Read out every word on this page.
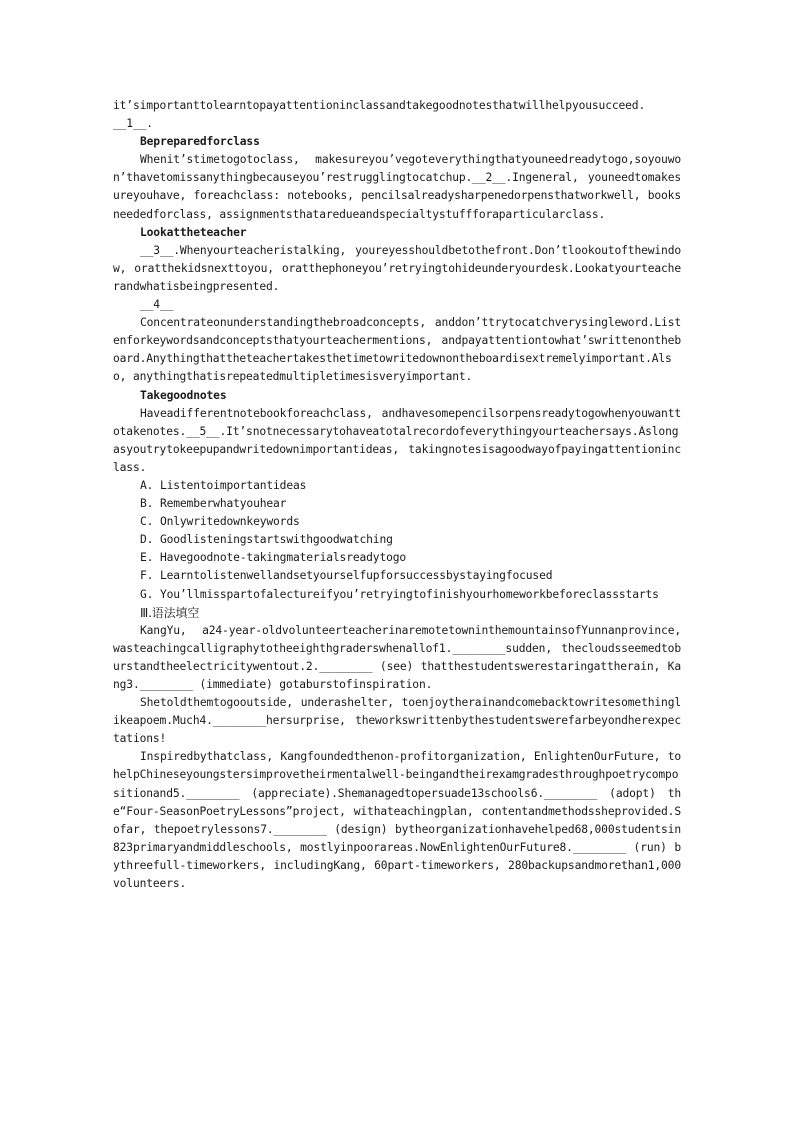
it’simportanttolearntopayattentioninclassandtakegoodnotesthatwillhelpyousucceed.

__1__.

Bepreparedforclass

Whenit’stimetogotoclass, makesureyou’vegoteverythingthatyouneedreadytogo,soyouwon’thavetomissanythingbecauseyou’restrugglingtocatchup.__2__.Ingeneral, youneedtomakesureyouhave, foreachclass: notebooks, pencilsalreadysharpenedorpensthatworkwell, booksneededforclass, assignmentsthataredueandspecialtystuffforaparticularclass.

Lookattheteacher

__3__.Whenyourteacheristalking, youreyesshouldbetothefront.Don’tlookoutofthewindow, oratthekidsnexttoyou, oratthephoneyou’retryingtohideunderyourdesk.Lookatyourteacherandwhatisbeingpresented.

__4__

Concentrateonunderstandingthebroadconcepts, anddon’ttrytocatchverysingleword.Listenforkeywordsandconceptsthatyourteachermentions, andpayattentiontowhat’swrittenontheboard.Anythingthattheteachertakesthetimetowritedownontheboardisextremelyimportant.Also, anythingthatisrepeatedmultipletimesisveryimportant.

Takegoodnotes

Haveadifferentnotebookforeachclass, andhavesomepencilsorpensreadytogowhenyouwanttotakenotes.__5__.It’snotnecessarytohaveatotalrecordofeverythingyourteachersays.Aslongasyoutrytokeepupandwritedownimportantideas, takingnotesisagoodwayofpayingattentioninclass.

A. Listentoimportantideas

B. Rememberwhatyouhear

C. Onlywritedownkeywords

D. Goodlisteningstartswithgoodwatching

E. Havegoodnote-takingmaterialsreadytogo

F. Learntolistenwellandsetyourselfupforsuccessbystayingfocused

G. You’llmisspartofalectureifyou’retryingtofinishyourhomeworkbeforeclassstarts

Ⅲ.语法填空

KangYu, a24-year-oldvolunteerteacherinaremotetowninthemountainsofYunnanprovince, wasteachingcalligraphytotheeighthgraderswhenallof1.________sudden, thecloudsseemedtoburstandtheelectricitywentout.2.________ (see) thatthestudentswerestaringattherain, Kang3.________ (immediate) gotaburstofinspiration.

Shetoldthemtogooutside, underashelter, toenjoytherainandcomebacktowritesomethinglikeapoem.Much4.________hersurprise, theworkswrittenbythestudentswerefarbeyondherexpectations!

Inspiredbythatclass, Kangfoundedthenon-profitorganization, EnlightenOurFuture, tohelpChineseyoungstersimprovetheirmentalwell-beingandtheirexamgradesthroughpoetrycompositionand5.________ (appreciate).Shemanagedtopersuade13schools6.________ (adopt) the“Four-SeasonPoetryLessons”project, withateachingplan, contentandmethodssheprovided.Sofar, thepoetrylessons7.________ (design) bytheorganizationhavehelped68,000studentsin823primaryandmiddleschools, mostlyinpoorareas.NowEnlightenOurFuture8.________ (run) bythreefull-timeworkers, includingKang, 60part-timeworkers, 280backupsandmorethan1,000volunteers.
